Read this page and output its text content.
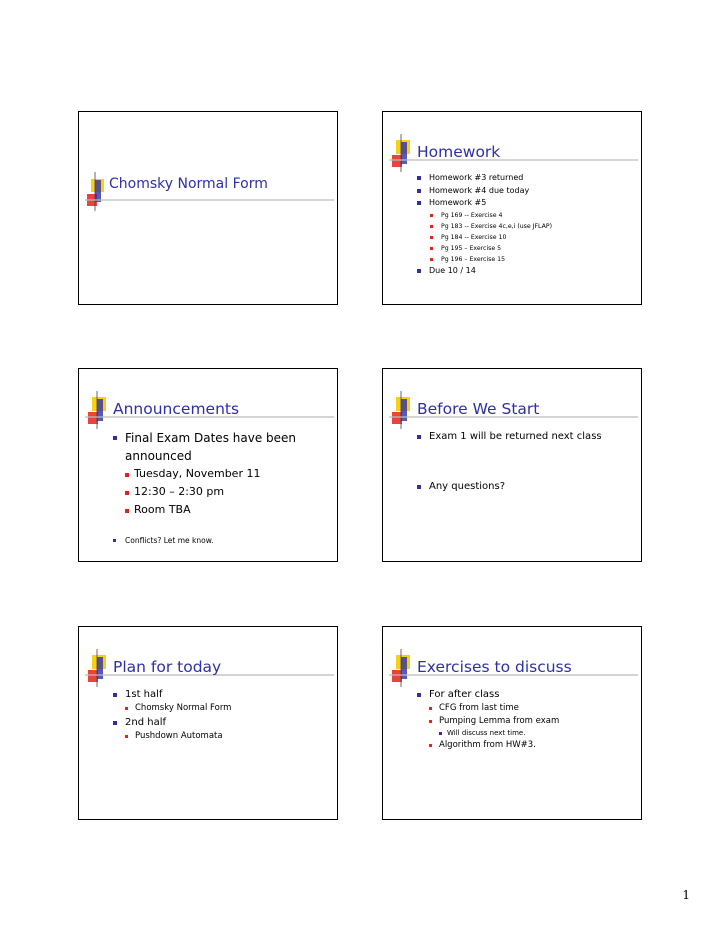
Chomsky Normal Form
Homework
Homework #3 returned
Homework #4 due today
Homework #5
Pg 169 -- Exercise 4
Pg 183 -- Exercise 4c,e,i (use JFLAP)
Pg 184 -- Exercise 10
Pg 195 – Exercise 5
Pg 196 – Exercise 15
Due 10 / 14
Announcements
Final Exam Dates have been announced
Tuesday, November 11
12:30 – 2:30 pm
Room TBA
Conflicts? Let me know.
Before We Start
Exam 1 will be returned next class
Any questions?
Plan for today
1st half
Chomsky Normal Form
2nd half
Pushdown Automata
Exercises to discuss
For after class
CFG from last time
Pumping Lemma from exam
Will discuss next time.
Algorithm from HW#3.
1
